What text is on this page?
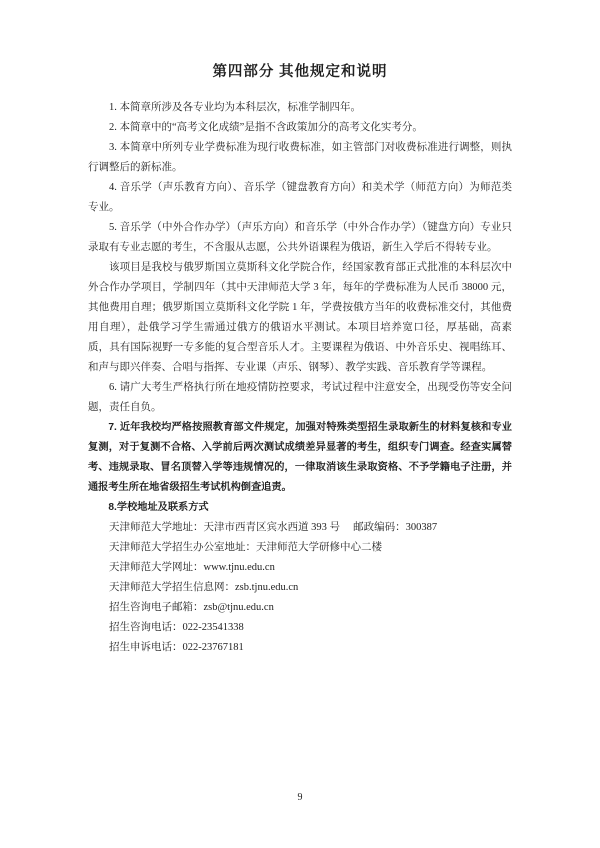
第四部分 其他规定和说明

1. 本简章所涉及各专业均为本科层次，标准学制四年。

2. 本简章中的“高考文化成绩”是指不含政策加分的高考文化实考分。

3. 本简章中所列专业学费标准为现行收费标准，如主管部门对收费标准进行调整，则执行调整后的新标准。

4. 音乐学（声乐教育方向）、音乐学（键盘教育方向）和美术学（师范方向）为师范类专业。

5. 音乐学（中外合作办学）（声乐方向）和音乐学（中外合作办学）（键盘方向）专业只录取有专业志愿的考生，不含服从志愿，公共外语课程为俄语，新生入学后不得转专业。

该项目是我校与俄罗斯国立莫斯科文化学院合作，经国家教育部正式批准的本科层次中外合作办学项目，学制四年（其中天津师范大学 3 年，每年的学费标准为人民币 38000 元，其他费用自理；俄罗斯国立莫斯科文化学院 1 年，学费按俄方当年的收费标准交付，其他费用自理），赴俄学习学生需通过俄方的俄语水平测试。本项目培养宽口径，厚基础，高素质，具有国际视野一专多能的复合型音乐人才。主要课程为俄语、中外音乐史、视唱练耳、和声与即兴伴奏、合唱与指挥、专业课（声乐、钢琴）、教学实践、音乐教育学等课程。

6. 请广大考生严格执行所在地疫情防控要求，考试过程中注意安全，出现受伤等安全问题，责任自负。

7. 近年我校均严格按照教育部文件规定，加强对特殊类型招生录取新生的材料复核和专业复测，对于复测不合格、入学前后两次测试成绩差异显著的考生，组织专门调查。经查实属替考、违规录取、冒名顶替入学等违规情况的，一律取消该生录取资格、不予学籍电子注册，并通报考生所在地省级招生考试机构倒查追责。

8.学校地址及联系方式

天津师范大学地址：天津市西青区宾水西道 393 号　 邮政编码：300387

天津师范大学招生办公室地址：天津师范大学研修中心二楼

天津师范大学网址：www.tjnu.edu.cn

天津师范大学招生信息网：zsb.tjnu.edu.cn

招生咨询电子邮箱：zsb@tjnu.edu.cn

招生咨询电话：022-23541338

招生申诉电话：022-23767181

9
